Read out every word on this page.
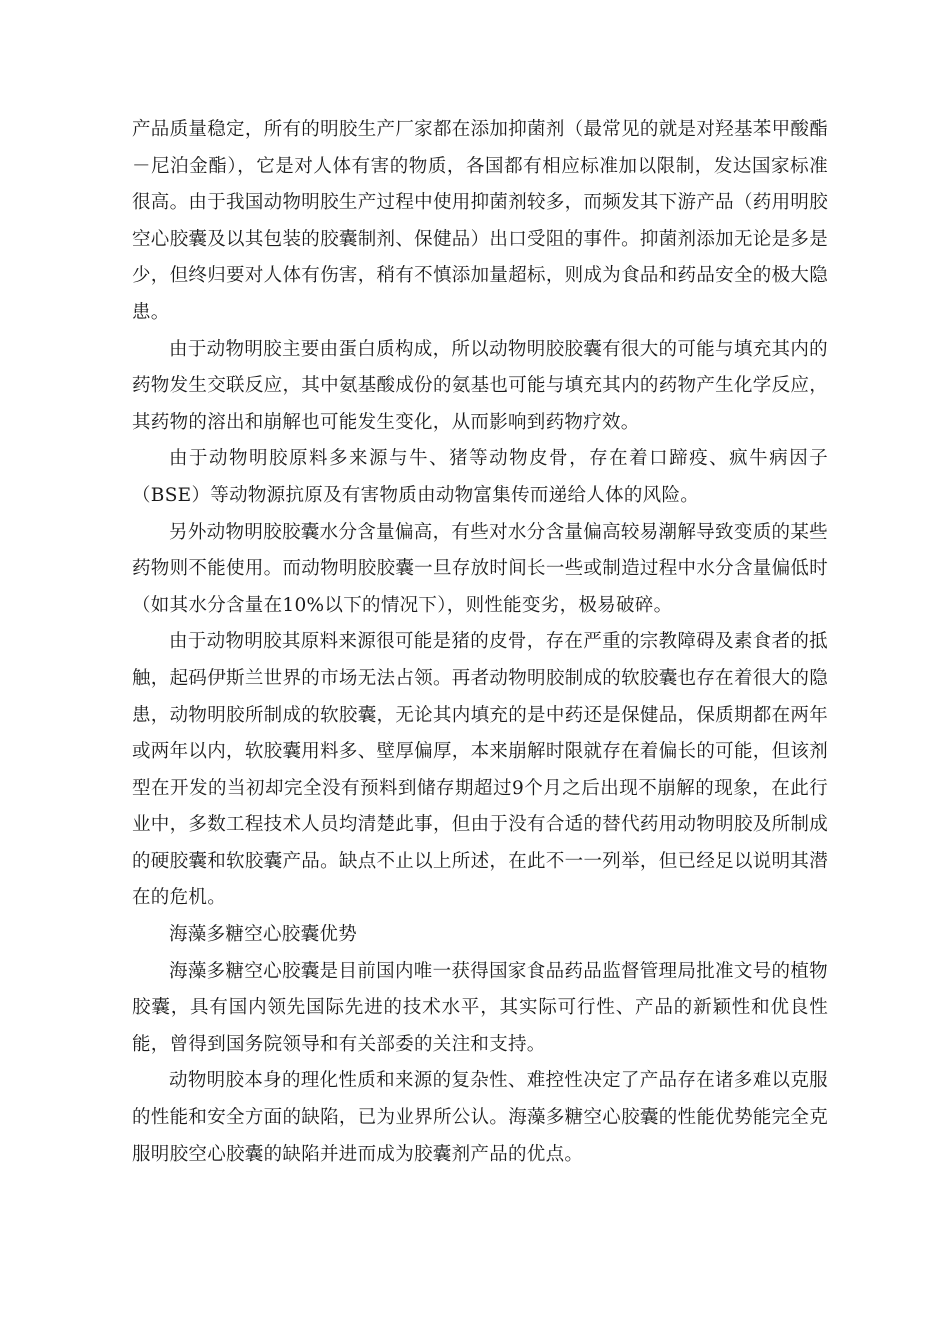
产品质量稳定，所有的明胶生产厂家都在添加抑菌剂（最常见的就是对羟基苯甲酸酯－尼泊金酯），它是对人体有害的物质，各国都有相应标准加以限制，发达国家标准很高。由于我国动物明胶生产过程中使用抑菌剂较多，而频发其下游产品（药用明胶空心胶囊及以其包装的胶囊制剂、保健品）出口受阻的事件。抑菌剂添加无论是多是少，但终归要对人体有伤害，稍有不慎添加量超标，则成为食品和药品安全的极大隐患。

由于动物明胶主要由蛋白质构成，所以动物明胶胶囊有很大的可能与填充其内的药物发生交联反应，其中氨基酸成份的氨基也可能与填充其内的药物产生化学反应，其药物的溶出和崩解也可能发生变化，从而影响到药物疗效。

由于动物明胶原料多来源与牛、猪等动物皮骨，存在着口蹄疫、疯牛病因子（BSE）等动物源抗原及有害物质由动物富集传而递给人体的风险。

另外动物明胶胶囊水分含量偏高，有些对水分含量偏高较易潮解导致变质的某些药物则不能使用。而动物明胶胶囊一旦存放时间长一些或制造过程中水分含量偏低时（如其水分含量在10%以下的情况下），则性能变劣，极易破碎。

由于动物明胶其原料来源很可能是猪的皮骨，存在严重的宗教障碍及素食者的抵触，起码伊斯兰世界的市场无法占领。再者动物明胶制成的软胶囊也存在着很大的隐患，动物明胶所制成的软胶囊，无论其内填充的是中药还是保健品，保质期都在两年或两年以内，软胶囊用料多、壁厚偏厚，本来崩解时限就存在着偏长的可能，但该剂型在开发的当初却完全没有预料到储存期超过9个月之后出现不崩解的现象，在此行业中，多数工程技术人员均清楚此事，但由于没有合适的替代药用动物明胶及所制成的硬胶囊和软胶囊产品。缺点不止以上所述，在此不一一列举，但已经足以说明其潜在的危机。

海藻多糖空心胶囊优势

海藻多糖空心胶囊是目前国内唯一获得国家食品药品监督管理局批准文号的植物胶囊，具有国内领先国际先进的技术水平，其实际可行性、产品的新颖性和优良性能，曾得到国务院领导和有关部委的关注和支持。

动物明胶本身的理化性质和来源的复杂性、难控性决定了产品存在诸多难以克服的性能和安全方面的缺陷，已为业界所公认。海藻多糖空心胶囊的性能优势能完全克服明胶空心胶囊的缺陷并进而成为胶囊剂产品的优点。
